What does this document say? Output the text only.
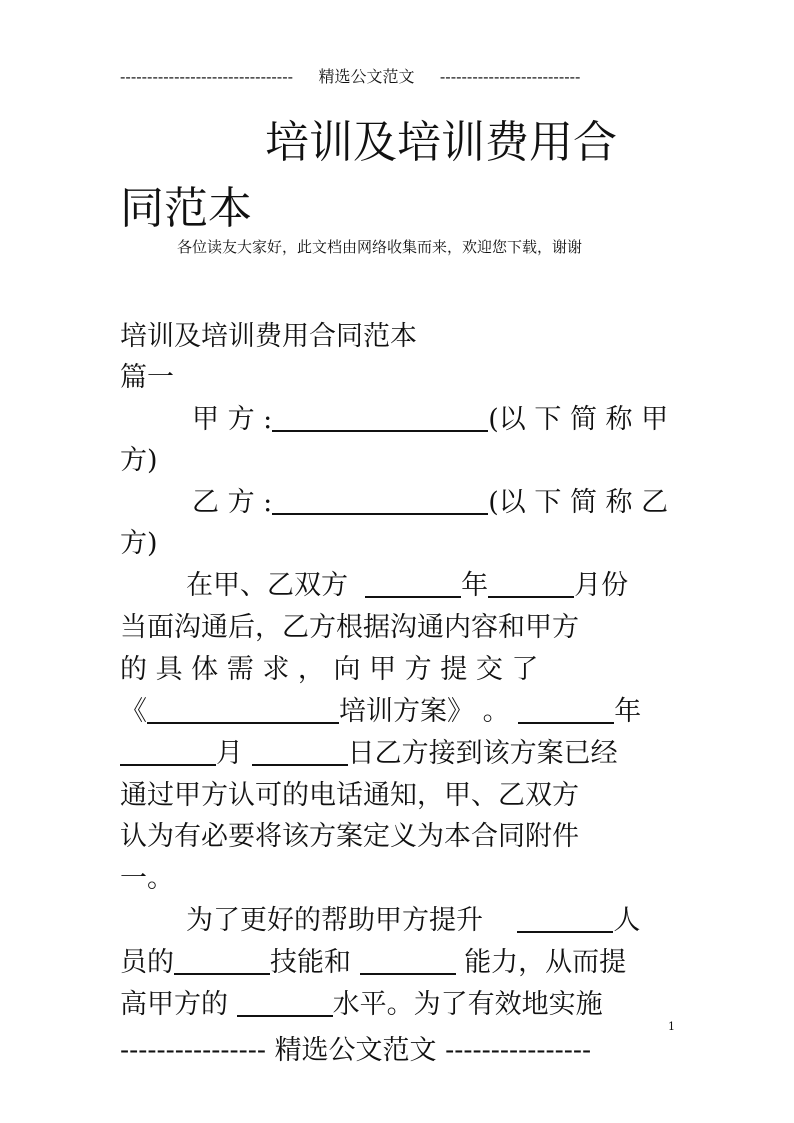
-------------------------------- 精选公文范文 --------------------------
培训及培训费用合
同范本
各位读友大家好，此文档由网络收集而来，欢迎您下载，谢谢
培训及培训费用合同范本
篇一
甲 方 :	(以 下 简 称 甲
方)
乙 方 :	(以 下 简 称 乙
方)
在甲、乙双方	年	月份
当面沟通后，乙方根据沟通内容和甲方
的 具 体 需 求 ， 向 甲 方 提 交 了
《	培训方案》 。	年
月	日乙方接到该方案已经
通过甲方认可的电话通知，甲、乙双方
认为有必要将该方案定义为本合同附件
一。
为了更好的帮助甲方提升	人
员的	技能和	能力，从而提
高甲方的	水平。为了有效地实施
1
---------------- 精选公文范文 ----------------
